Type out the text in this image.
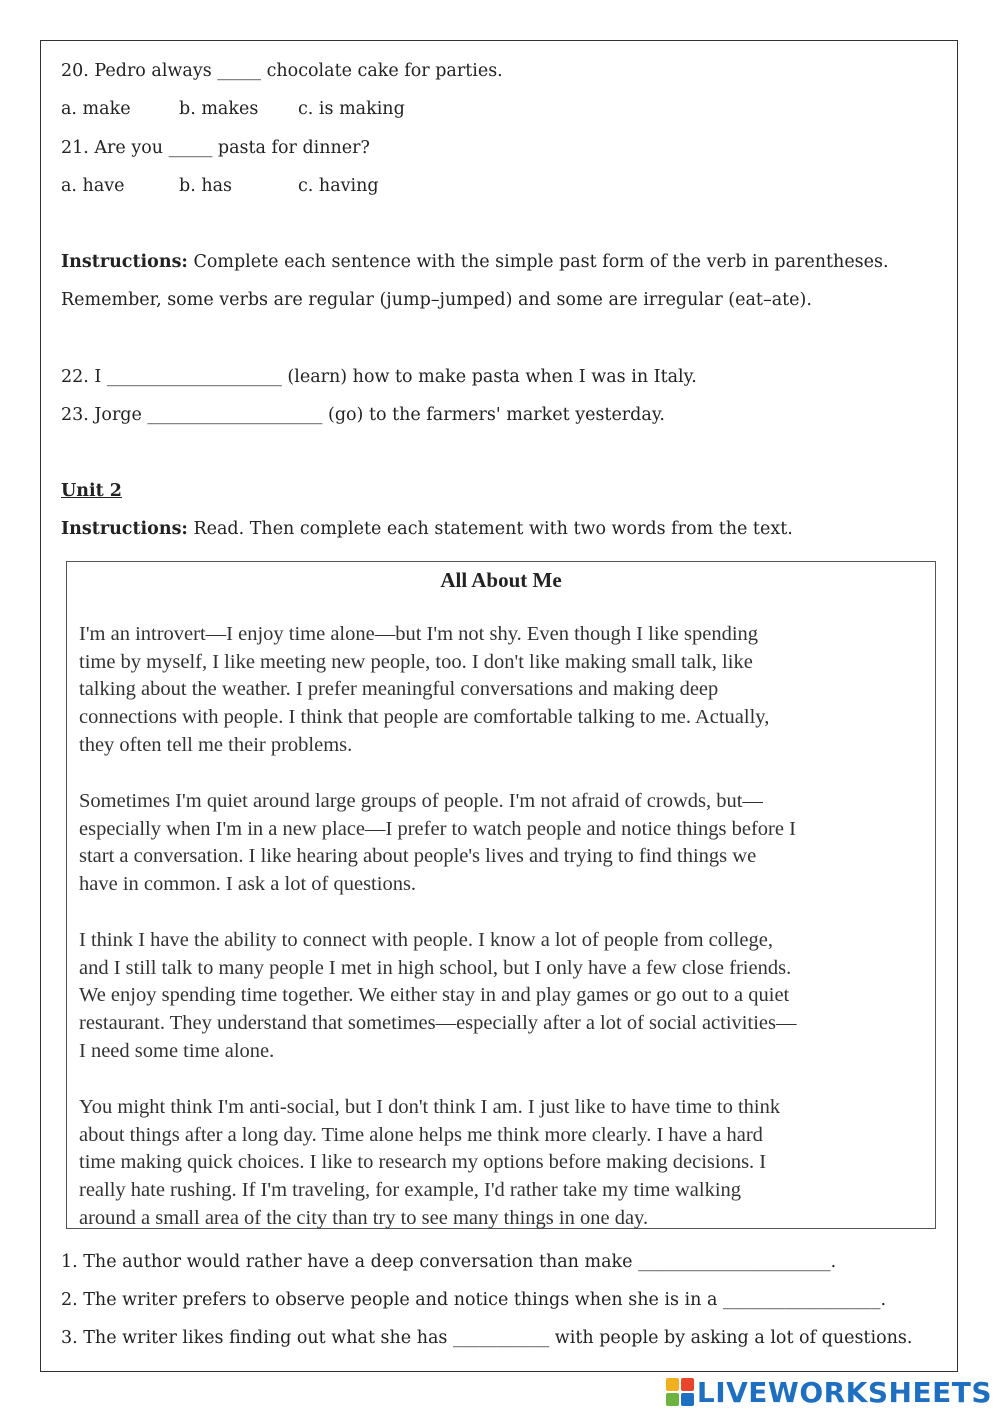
20. Pedro always _____ chocolate cake for parties.
a. make	b. makes c. is making
21. Are you _____ pasta for dinner?
a. have	b. has	c. having
Instructions: Complete each sentence with the simple past form of the verb in parentheses.
Remember, some verbs are regular (jump–jumped) and some are irregular (eat–ate).
22. I ____________________ (learn) how to make pasta when I was in Italy.
23. Jorge ____________________ (go) to the farmers' market yesterday.
Unit 2
Instructions: Read. Then complete each statement with two words from the text.
All About Me
I'm an introvert—I enjoy time alone—but I'm not shy. Even though I like spending
time by myself, I like meeting new people, too. I don't like making small talk, like
talking about the weather. I prefer meaningful conversations and making deep
connections with people. I think that people are comfortable talking to me. Actually,
they often tell me their problems.
Sometimes I'm quiet around large groups of people. I'm not afraid of crowds, but—
especially when I'm in a new place—I prefer to watch people and notice things before I
start a conversation. I like hearing about people's lives and trying to find things we
have in common. I ask a lot of questions.
I think I have the ability to connect with people. I know a lot of people from college,
and I still talk to many people I met in high school, but I only have a few close friends.
We enjoy spending time together. We either stay in and play games or go out to a quiet
restaurant. They understand that sometimes—especially after a lot of social activities—
I need some time alone.
You might think I'm anti-social, but I don't think I am. I just like to have time to think
about things after a long day. Time alone helps me think more clearly. I have a hard
time making quick choices. I like to research my options before making decisions. I
really hate rushing. If I'm traveling, for example, I'd rather take my time walking
around a small area of the city than try to see many things in one day.
1. The author would rather have a deep conversation than make ______________________.
2. The writer prefers to observe people and notice things when she is in a __________________.
3. The writer likes finding out what she has ___________ with people by asking a lot of questions.
LIVEWORKSHEETS
